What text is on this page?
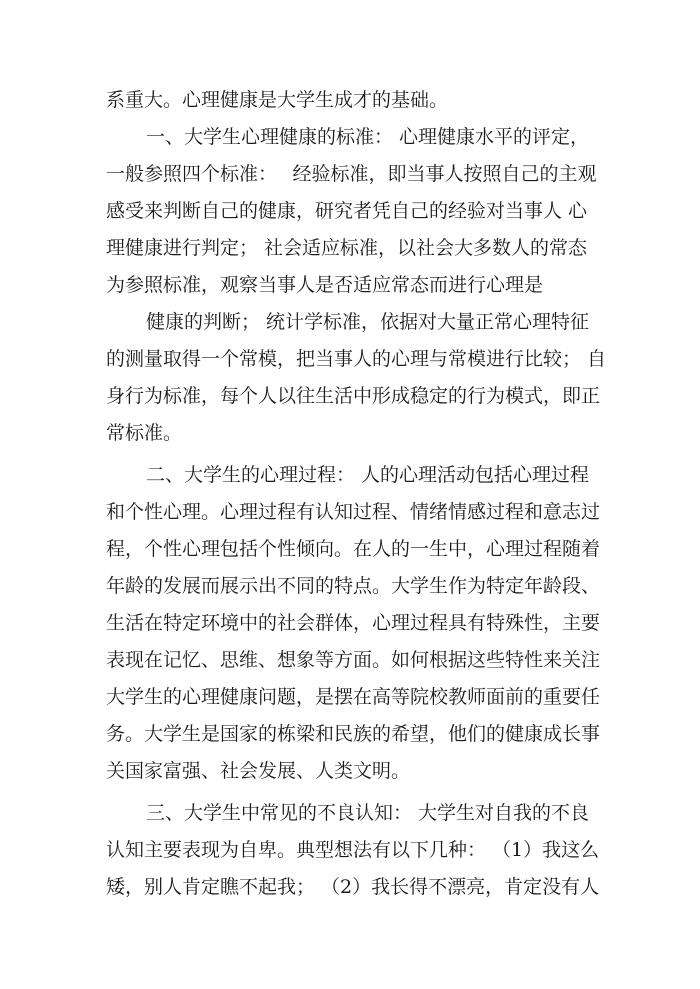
系重大。心理健康是大学生成才的基础。
一、大学生心理健康的标准： 心理健康水平的评定，
一般参照四个标准：　 经验标准，即当事人按照自己的主观
感受来判断自己的健康，研究者凭自己的经验对当事人 心
理健康进行判定； 社会适应标准，以社会大多数人的常态
为参照标准，观察当事人是否适应常态而进行心理是
健康的判断； 统计学标准，依据对大量正常心理特征
的测量取得一个常模，把当事人的心理与常模进行比较； 自
身行为标准，每个人以往生活中形成稳定的行为模式，即正
常标准。
二、大学生的心理过程： 人的心理活动包括心理过程
和个性心理。心理过程有认知过程、情绪情感过程和意志过
程，个性心理包括个性倾向。在人的一生中，心理过程随着
年龄的发展而展示出不同的特点。大学生作为特定年龄段、
生活在特定环境中的社会群体，心理过程具有特殊性，主要
表现在记忆、思维、想象等方面。如何根据这些特性来关注
大学生的心理健康问题，是摆在高等院校教师面前的重要任
务。大学生是国家的栋梁和民族的希望，他们的健康成长事
关国家富强、社会发展、人类文明。
三、大学生中常见的不良认知： 大学生对自我的不良
认知主要表现为自卑。典型想法有以下几种： （1）我这么
矮，别人肯定瞧不起我； （2）我长得不漂亮，肯定没有人
